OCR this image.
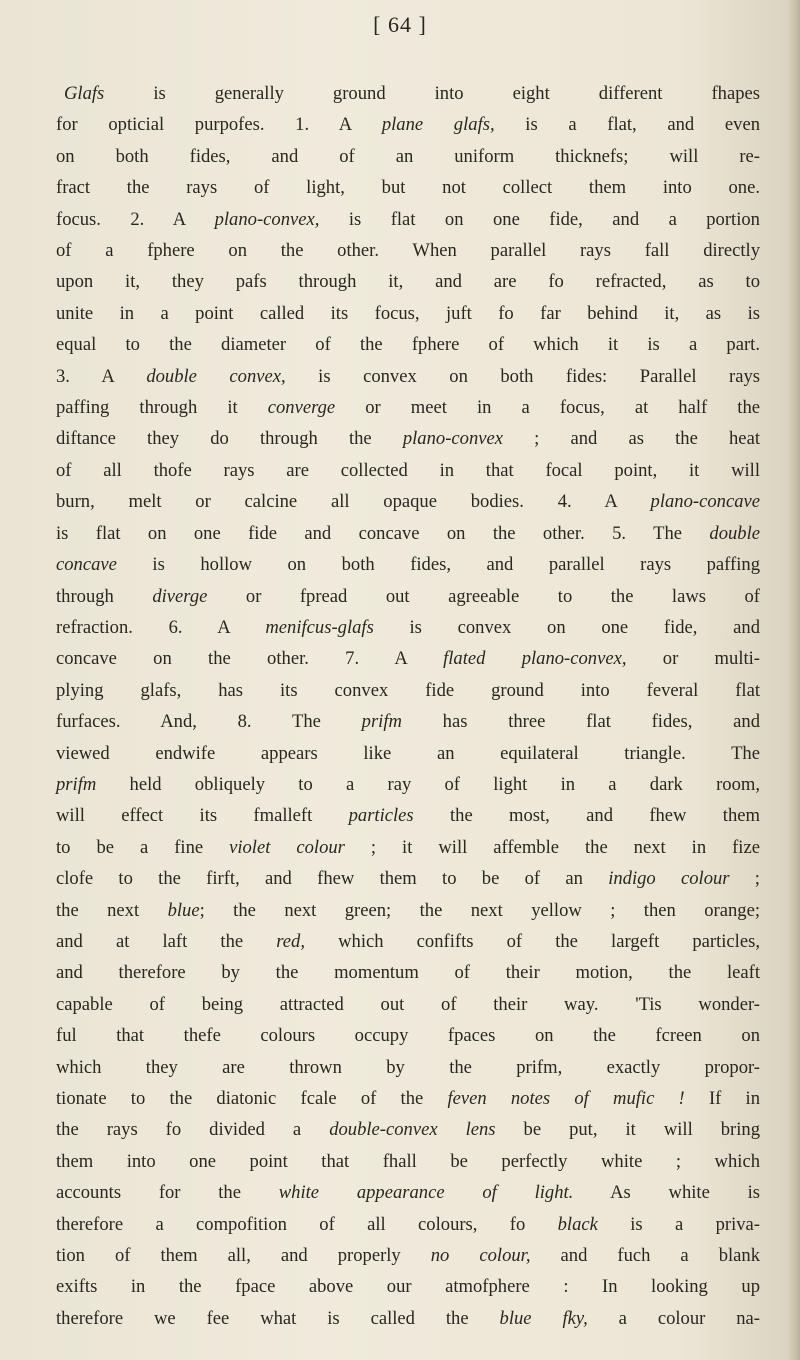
[ 64 ]
Glafs is generally ground into eight different fhapes
for opticial purpofes. 1. A plane glafs, is a flat, and even
on both fides, and of an uniform thicknefs; will re-
fract the rays of light, but not collect them into one.
focus. 2. A plano-convex, is flat on one fide, and a portion
of a fphere on the other. When parallel rays fall directly
upon it, they pafs through it, and are fo refracted, as to
unite in a point called its focus, juft fo far behind it, as is
equal to the diameter of the fphere of which it is a part.
3. A double convex, is convex on both fides: Parallel rays
paffing through it converge or meet in a focus, at half the
diftance they do through the plano-convex ; and as the heat
of all thofe rays are collected in that focal point, it will
burn, melt or calcine all opaque bodies. 4. A plano-concave
is flat on one fide and concave on the other. 5. The double
concave is hollow on both fides, and parallel rays paffing
through diverge or fpread out agreeable to the laws of
refraction. 6. A menifcus-glafs is convex on one fide, and
concave on the other. 7. A flated plano-convex, or multi-
plying glafs, has its convex fide ground into feveral flat
furfaces. And, 8. The prifm has three flat fides, and
viewed endwife appears like an equilateral triangle. The
prifm held obliquely to a ray of light in a dark room,
will effect its fmalleft particles the most, and fhew them
to be a fine violet colour ; it will affemble the next in fize
clofe to the firft, and fhew them to be of an indigo colour ;
the next blue; the next green; the next yellow ; then orange;
and at laft the red, which confifts of the largeft particles,
and therefore by the momentum of their motion, the leaft
capable of being attracted out of their way. 'Tis wonder-
ful that thefe colours occupy fpaces on the fcreen on
which they are thrown by the prifm, exactly propor-
tionate to the diatonic fcale of the feven notes of mufic ! If in
the rays fo divided a double-convex lens be put, it will bring
them into one point that fhall be perfectly white ; which
accounts for the white appearance of light. As white is
therefore a compofition of all colours, fo black is a priva-
tion of them all, and properly no colour, and fuch a blank
exifts in the fpace above our atmofphere : In looking up
therefore we fee what is called the blue fky, a colour na-
